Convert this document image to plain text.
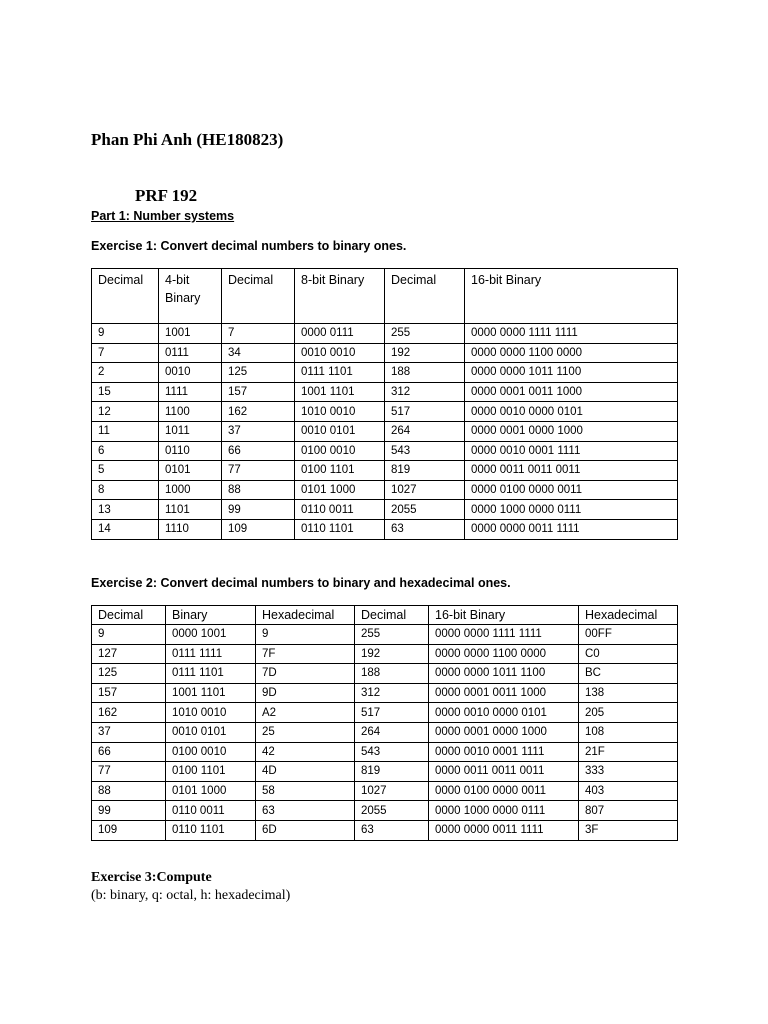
Phan Phi Anh (HE180823)
PRF 192
Part 1: Number systems
Exercise 1: Convert decimal numbers to binary ones.
Decimal	4-bit Binary	Decimal	8-bit Binary	Decimal	16-bit Binary
9	1001	7	0000 0111	255	0000 0000 1111 1111
7	0111	34	0010 0010	192	0000 0000 1100 0000
2	0010	125	0111 1101	188	0000 0000 1011 1100
15	1111	157	1001 1101	312	0000 0001 0011 1000
12	1100	162	1010 0010	517	0000 0010 0000 0101
11	1011	37	0010 0101	264	0000 0001 0000 1000
6	0110	66	0100 0010	543	0000 0010 0001 1111
5	0101	77	0100 1101	819	0000 0011 0011 0011
8	1000	88	0101 1000	1027	0000 0100 0000 0011
13	1101	99	0110 0011	2055	0000 1000 0000 0111
14	1110	109	0110 1101	63	0000 0000 0011 1111
Exercise 2: Convert decimal numbers to binary and hexadecimal ones.
Decimal	Binary	Hexadecimal	Decimal	16-bit Binary	Hexadecimal
9	0000 1001	9	255	0000 0000 1111 1111	00FF
127	0111 1111	7F	192	0000 0000 1100 0000	C0
125	0111 1101	7D	188	0000 0000 1011 1100	BC
157	1001 1101	9D	312	0000 0001 0011 1000	138
162	1010 0010	A2	517	0000 0010 0000 0101	205
37	0010 0101	25	264	0000 0001 0000 1000	108
66	0100 0010	42	543	0000 0010 0001 1111	21F
77	0100 1101	4D	819	0000 0011 0011 0011	333
88	0101 1000	58	1027	0000 0100 0000 0011	403
99	0110 0011	63	2055	0000 1000 0000 0111	807
109	0110 1101	6D	63	0000 0000 0011 1111	3F
Exercise 3:Compute
(b: binary, q: octal, h: hexadecimal)
